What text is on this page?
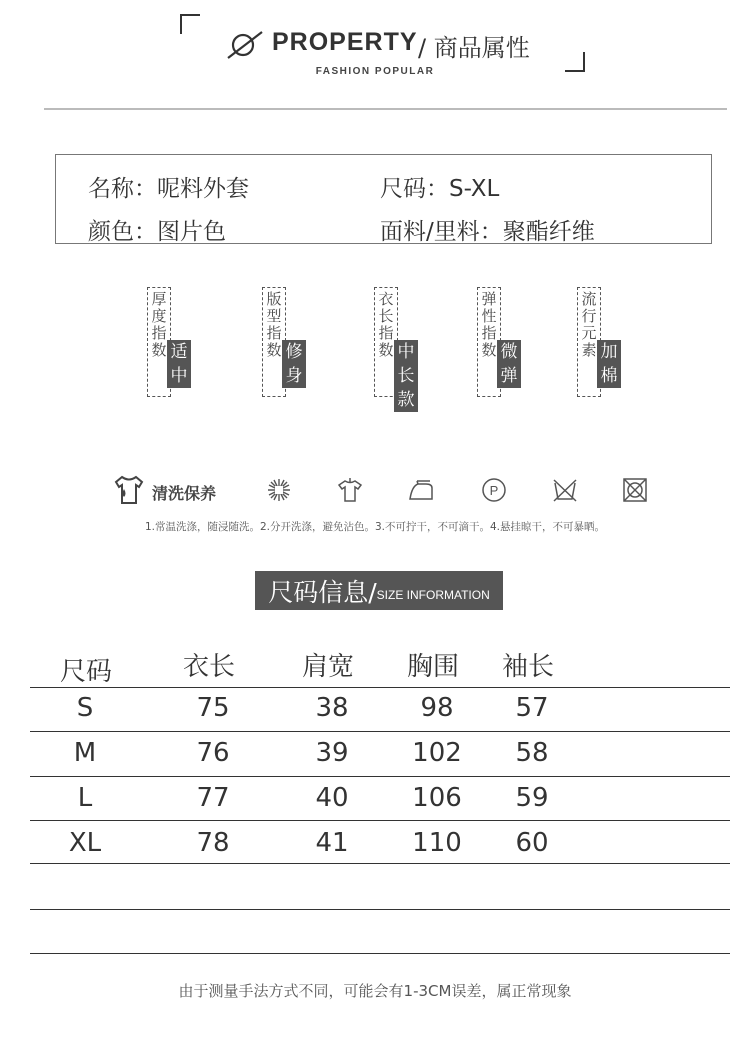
PROPERTY / 商品属性
FASHION POPULAR
名称：呢料外套	尺码：S-XL
颜色：图片色	面料/里料：聚酯纤维
厚
度
指
数 适
中
版
型
指
数 修
身
衣
长
指
数 中
长
款
弹
性
指
数 微
弹
流
行
元
素 加
棉
清洗保养	P
1.常温洗涤，随浸随洗。2.分开洗涤，避免沾色。3.不可拧干，不可滴干。4.悬挂晾干，不可暴晒。
尺码信息/ SIZE INFORMATION
尺码	衣长	肩宽 胸围 袖长
S	75	38	98	57
M	76	39	102	58
L	77	40	106	59
XL	78	41	110	60
由于测量手法方式不同，可能会有1-3CM误差，属正常现象
